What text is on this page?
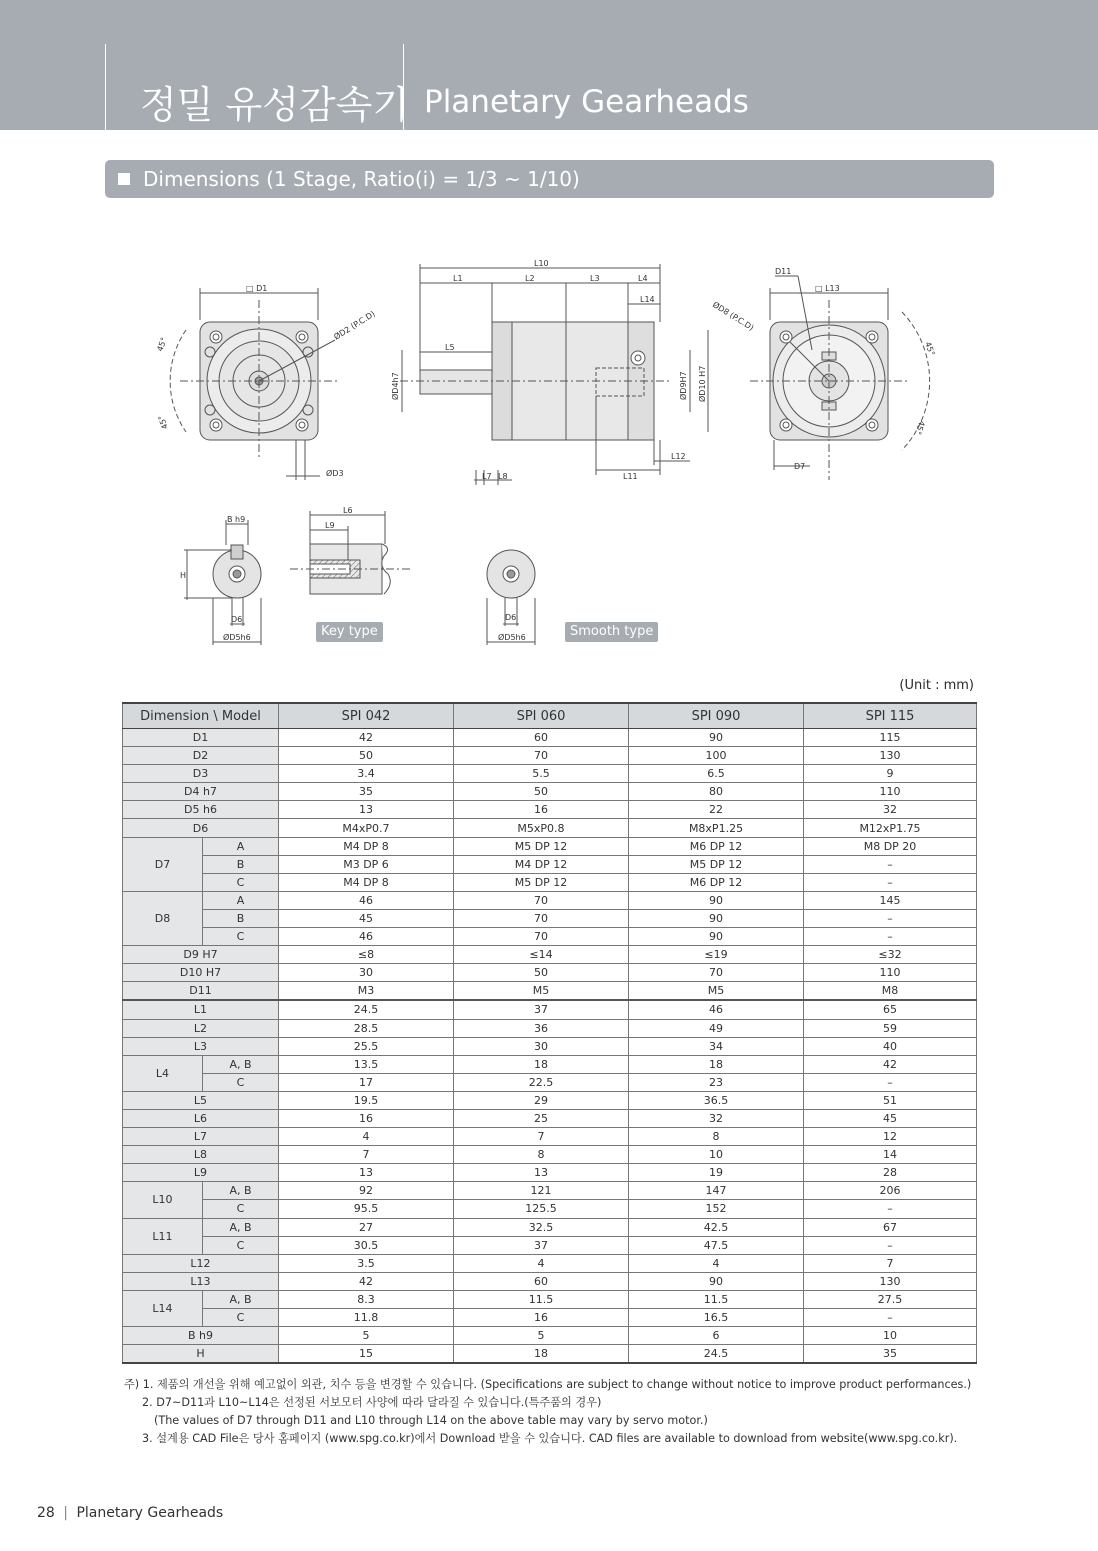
정밀 유성감속기 Planetary Gearheads
Dimensions (1 Stage, Ratio(i) = 1/3 ~ 1/10)
□ D1
ØD2 (P.C.D)
ØD3
45°
45°
L10
L1	L2	L3	L4
L14
L5
ØD4h7	ØD9H7 ØD10 H7
L7 L8	L11
L12
D11
□ L13
ØD8 (P.C.D)
D7
45°
45°
B h9
H
D6
ØD5h6
L6
L9
D6
ØD5h6
Key type	Smooth type
(Unit : mm)
Dimension \ Model		SPI 042	SPI 060	SPI 090	SPI 115
D1		42	60	90	115
D2		50	70	100	130
D3		3.4	5.5	6.5	9
D4 h7		35	50	80	110
D5 h6		13	16	22	32
D6		M4xP0.7	M5xP0.8	M8xP1.25	M12xP1.75
D7	A	M4 DP 8	M5 DP 12	M6 DP 12	M8 DP 20
	B	M3 DP 6	M4 DP 12	M5 DP 12	–
	C	M4 DP 8	M5 DP 12	M6 DP 12	–
D8	A	46	70	90	145
	B	45	70	90	–
	C	46	70	90	–
D9 H7		≤8	≤14	≤19	≤32
D10 H7		30	50	70	110
D11		M3	M5	M5	M8
L1		24.5	37	46	65
L2		28.5	36	49	59
L3		25.5	30	34	40
L4	A, B	13.5	18	18	42
	C	17	22.5	23	–
L5		19.5	29	36.5	51
L6		16	25	32	45
L7		4	7	8	12
L8		7	8	10	14
L9		13	13	19	28
L10	A, B	92	121	147	206
	C	95.5	125.5	152	–
L11	A, B	27	32.5	42.5	67
	C	30.5	37	47.5	–
L12		3.5	4	4	7
L13		42	60	90	130
L14	A, B	8.3	11.5	11.5	27.5
	C	11.8	16	16.5	–
B h9		5	5	6	10
H		15	18	24.5	35
주) 1. 제품의 개선을 위해 예고없이 외관, 치수 등을 변경할 수 있습니다. (Specifications are subject to change without notice to improve product performances.)
2. D7~D11과 L10~L14은 선정된 서보모터 사양에 따라 달라질 수 있습니다.(특주품의 경우)
(The values of D7 through D11 and L10 through L14 on the above table may vary by servo motor.)
3. 설계용 CAD File은 당사 홈페이지 (www.spg.co.kr)에서 Download 받을 수 있습니다. CAD files are available to download from website(www.spg.co.kr).
28 | Planetary Gearheads
